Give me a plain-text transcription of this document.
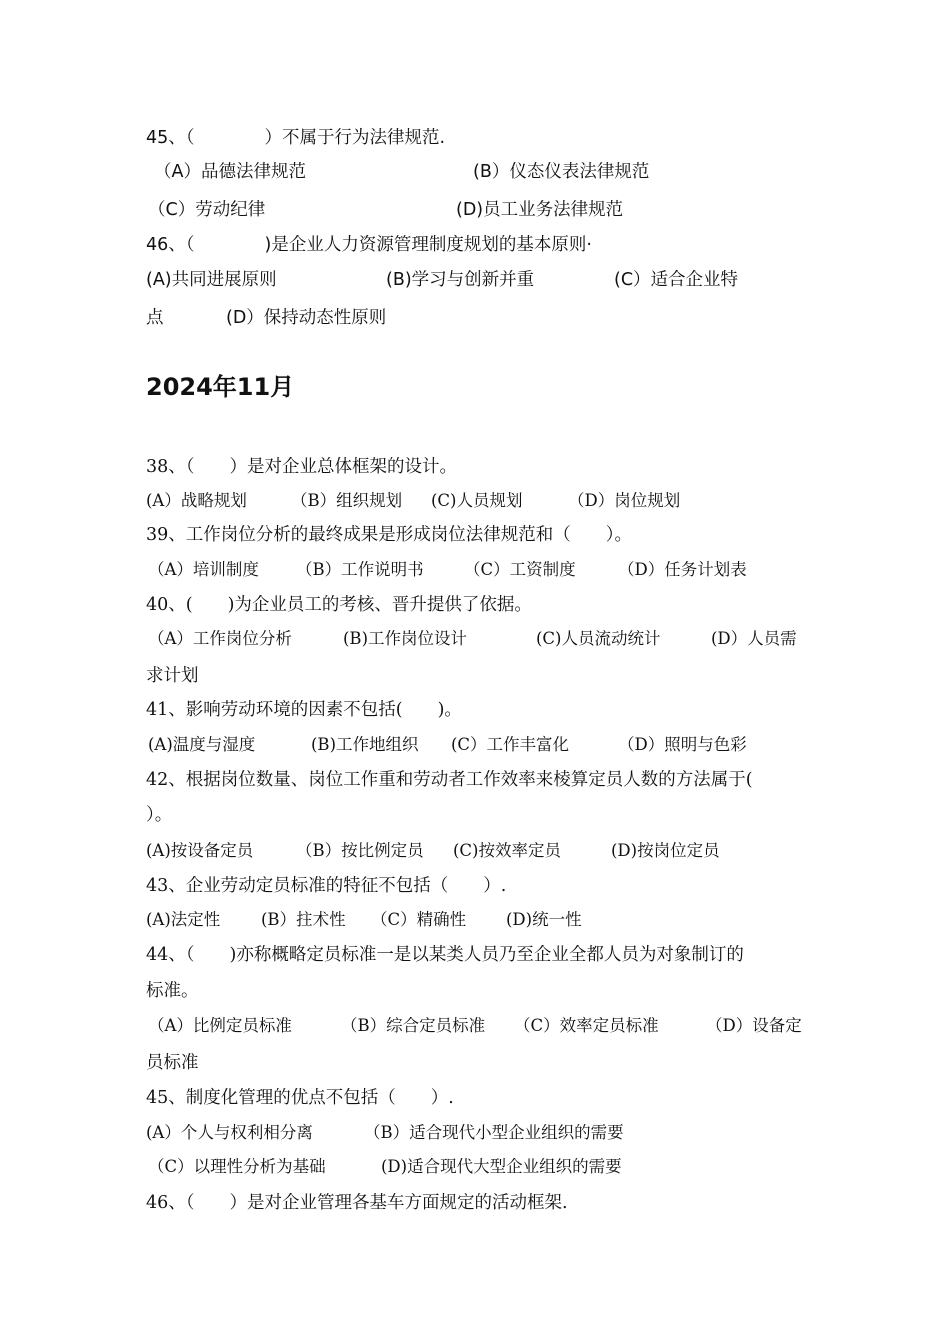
45、（　　　　）不属于行为法律规范.
（A）品德法律规范	(B）仪态仪表法律规范
（C）劳动纪律	(D)员工业务法律规范
46、（　　　　)是企业人力资源管理制度规划的基本原则·
(A)共同进展原则	(B)学习与创新并重	(C）适合企业特
点	(D）保持动态性原则
2024年11月
38、（　　）是对企业总体框架的设计。
(A）战略规划	（B）组织规划 (C)人员规划	（D）岗位规划
39、工作岗位分析的最终成果是形成岗位法律规范和（　　）。
（A）培训制度 （B）工作说明书 （C）工资制度	（D）任务计划表
40、(　　)为企业员工的考核、晋升提供了依据。
（A）工作岗位分析	(B)工作岗位设计	(C)人员流动统计	(D）人员需
求计划
41、影响劳动环境的因素不包括(　　)。
(A)温度与湿度	(B)工作地组织 (C）工作丰富化	（D）照明与色彩
42、根据岗位数量、岗位工作重和劳动者工作效率来棱算定员人数的方法属于(
）。
(A)按设备定员	（B）按比例定员 (C)按效率定员	(D)按岗位定员
43、企业劳动定员标准的特征不包括（　　）.
(A)法定性 (B）拄术性 （C）精确性 (D)统一性
44、（　　)亦称概略定员标准一是以某类人员乃至企业全都人员为对象制订的
标准。
（A）比例定员标准	（B）综合定员标准 （C）效率定员标准	（D）设备定
员标准
45、制度化管理的优点不包括（　　）.
(A）个人与权利相分离	（B）适合现代小型企业组织的需要
（C）以理性分析为基础	(D)适合现代大型企业组织的需要
46、（　　）是对企业管理各基车方面规定的活动框架.
